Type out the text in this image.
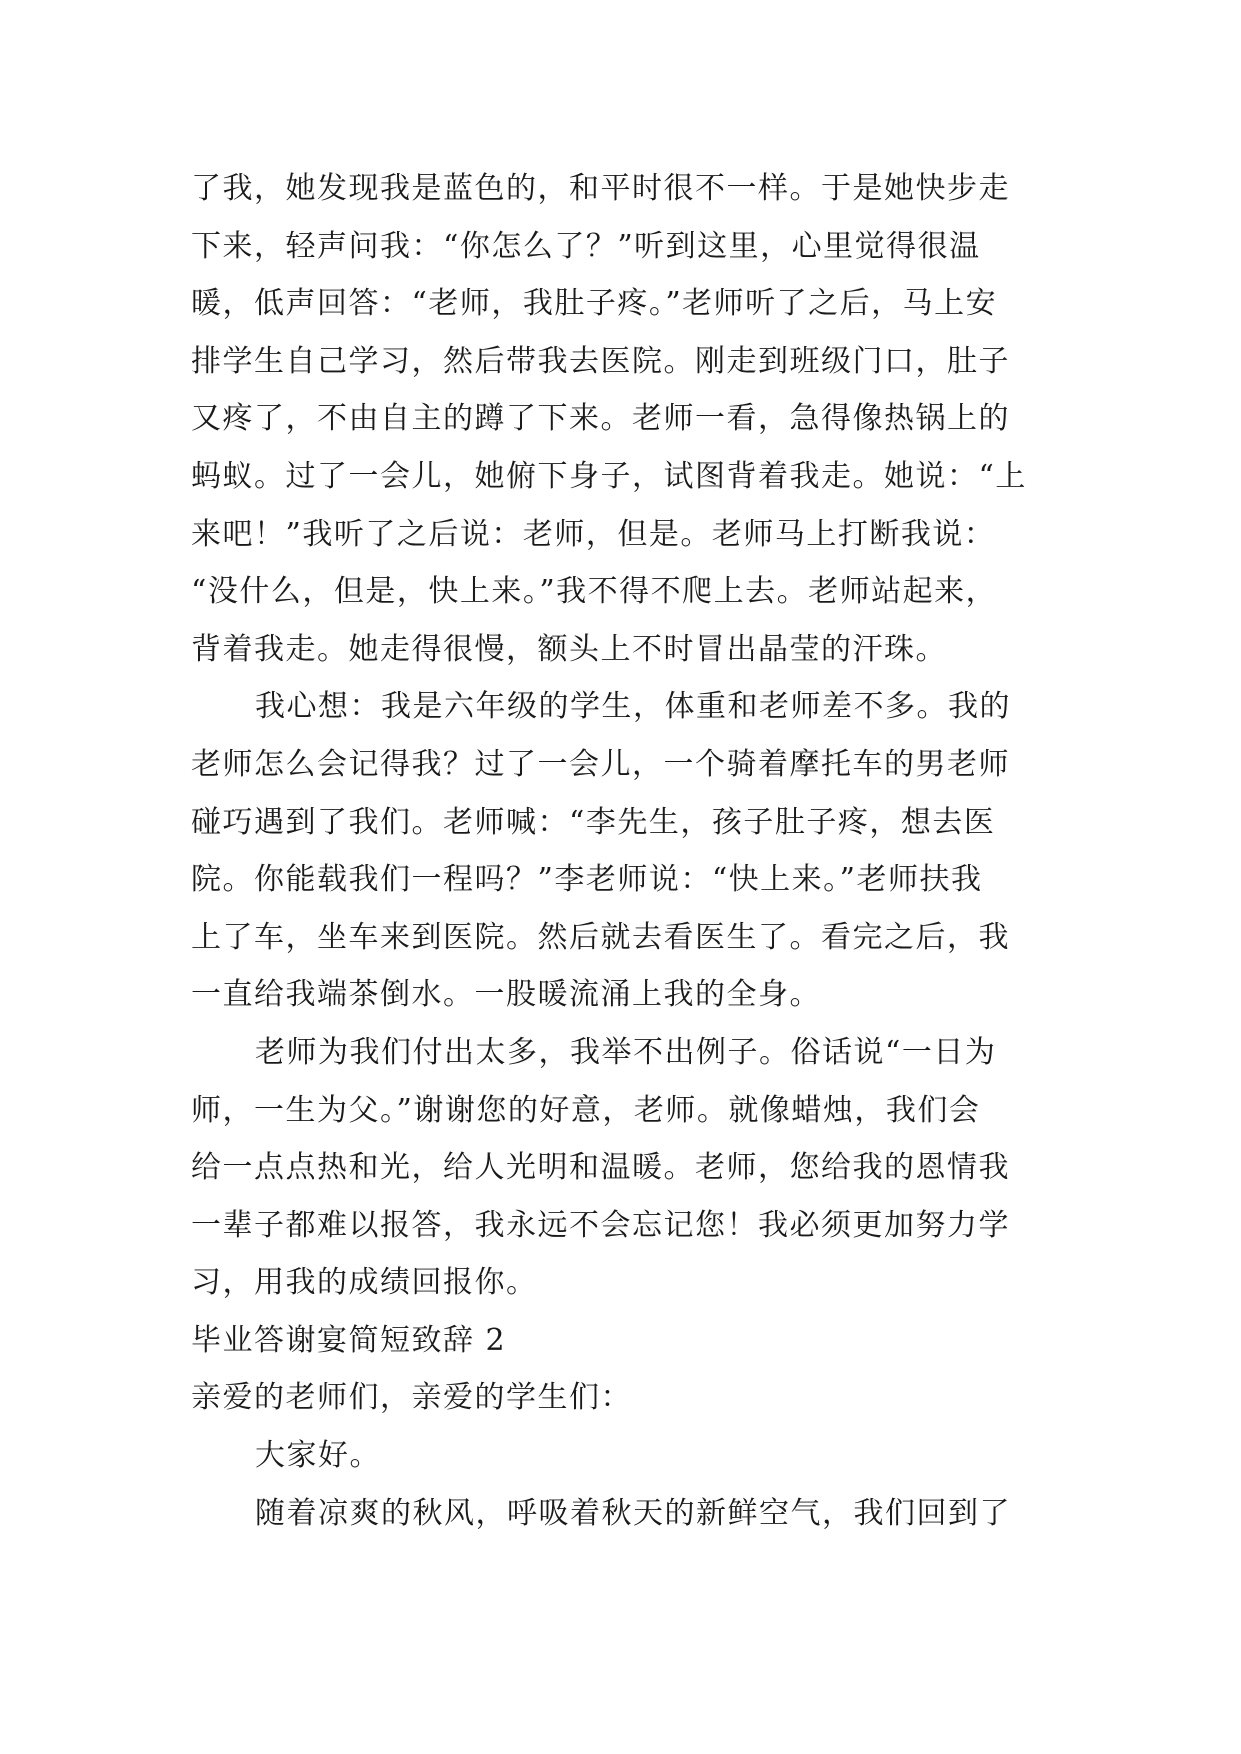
了我，她发现我是蓝色的，和平时很不一样。于是她快步走
下来，轻声问我：“你怎么了？”听到这里，心里觉得很温
暖，低声回答：“老师，我肚子疼。”老师听了之后，马上安
排学生自己学习，然后带我去医院。刚走到班级门口，肚子
又疼了，不由自主的蹲了下来。老师一看，急得像热锅上的
蚂蚁。过了一会儿，她俯下身子，试图背着我走。她说：“上
来吧！”我听了之后说：老师，但是。老师马上打断我说：
“没什么，但是，快上来。”我不得不爬上去。老师站起来，
背着我走。她走得很慢，额头上不时冒出晶莹的汗珠。
我心想：我是六年级的学生，体重和老师差不多。我的
老师怎么会记得我？过了一会儿，一个骑着摩托车的男老师
碰巧遇到了我们。老师喊：“李先生，孩子肚子疼，想去医
院。你能载我们一程吗？”李老师说：“快上来。”老师扶我
上了车，坐车来到医院。然后就去看医生了。看完之后，我
一直给我端茶倒水。一股暖流涌上我的全身。
老师为我们付出太多，我举不出例子。俗话说“一日为
师，一生为父。”谢谢您的好意，老师。就像蜡烛，我们会
给一点点热和光，给人光明和温暖。老师，您给我的恩情我
一辈子都难以报答，我永远不会忘记您！我必须更加努力学
习，用我的成绩回报你。
毕业答谢宴简短致辞 2
亲爱的老师们，亲爱的学生们：
大家好。
随着凉爽的秋风，呼吸着秋天的新鲜空气，我们回到了
